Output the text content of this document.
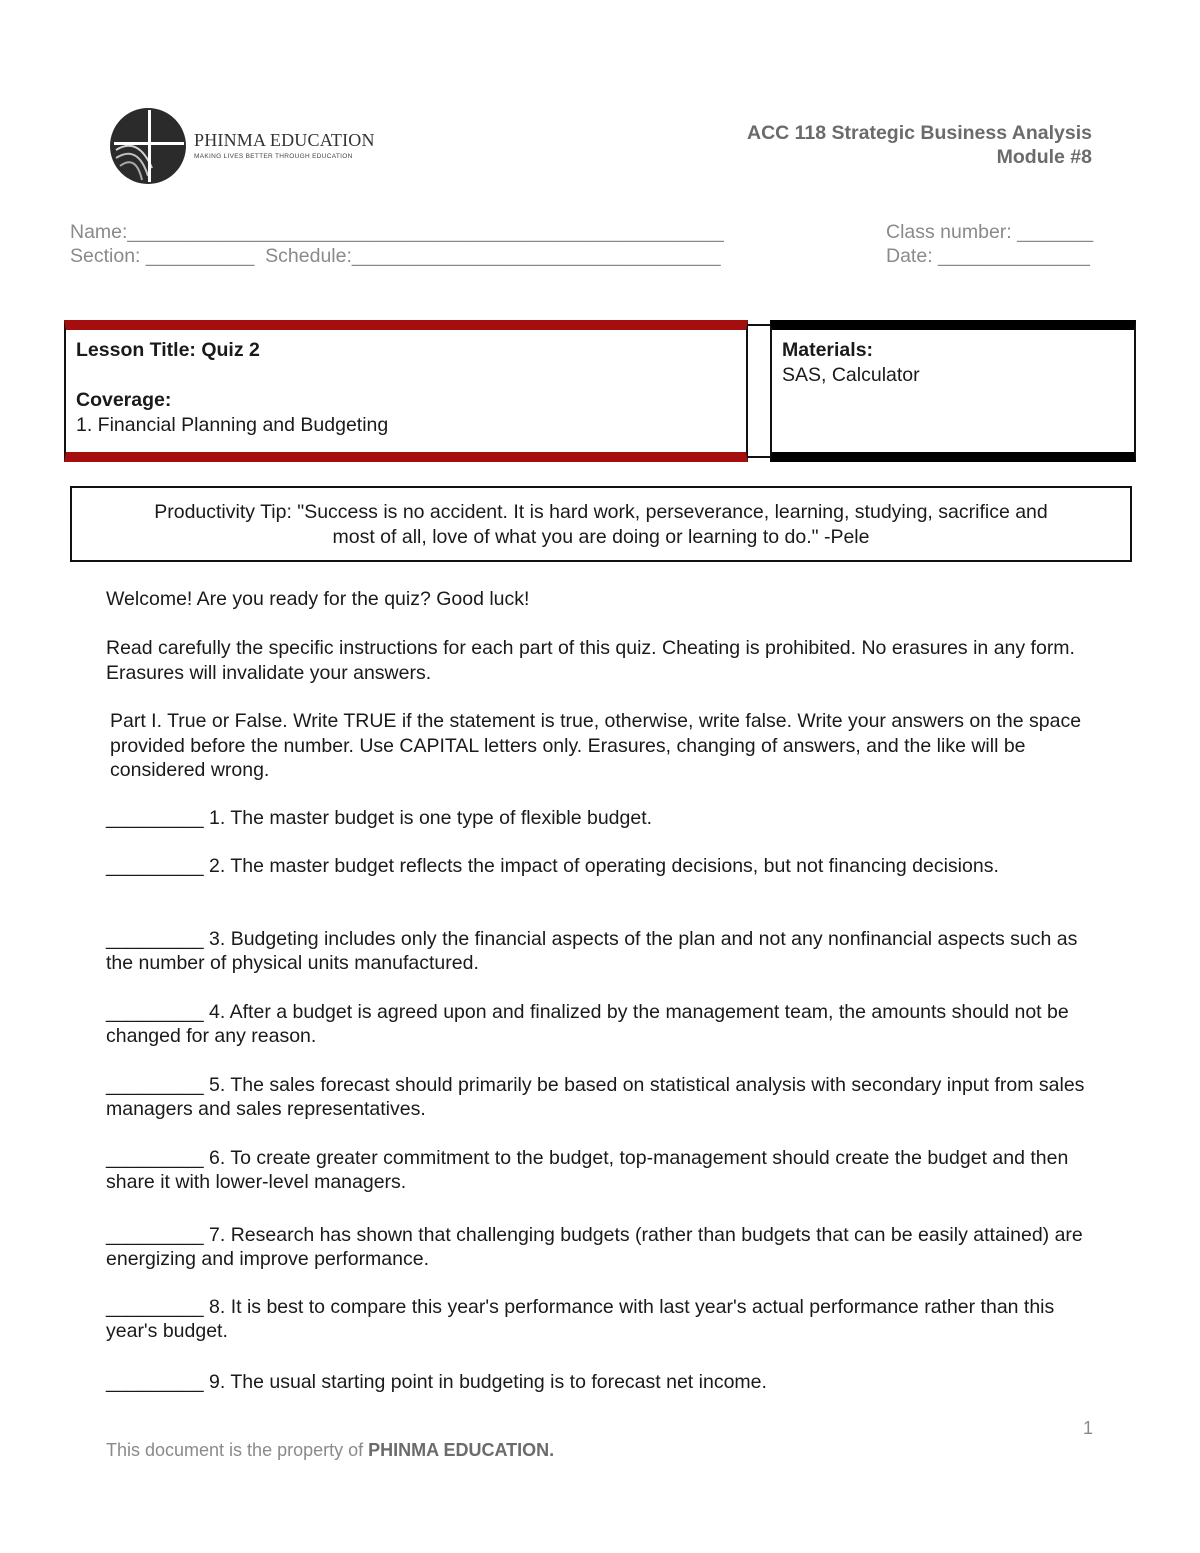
PHINMA EDUCATION
MAKING LIVES BETTER THROUGH EDUCATION
ACC 118 Strategic Business Analysis
Module #8
Name:_______________________________________________________
Section: __________  Schedule:__________________________________
Class number: _______
Date: ______________
Lesson Title: Quiz 2
Coverage:
1. Financial Planning and Budgeting
Materials:
SAS, Calculator
Productivity Tip: "Success is no accident. It is hard work, perseverance, learning, studying, sacrifice and
most of all, love of what you are doing or learning to do." -Pele
Welcome! Are you ready for the quiz? Good luck!
Read carefully the specific instructions for each part of this quiz. Cheating is prohibited. No erasures in any form. Erasures will invalidate your answers.
Part I. True or False. Write TRUE if the statement is true, otherwise, write false. Write your answers on the space provided before the number. Use CAPITAL letters only. Erasures, changing of answers, and the like will be considered wrong.
_________ 1. The master budget is one type of flexible budget.
_________ 2. The master budget reflects the impact of operating decisions, but not financing decisions.
_________ 3. Budgeting includes only the financial aspects of the plan and not any nonfinancial aspects such as the number of physical units manufactured.
_________ 4. After a budget is agreed upon and finalized by the management team, the amounts should not be changed for any reason.
_________ 5. The sales forecast should primarily be based on statistical analysis with secondary input from sales managers and sales representatives.
_________ 6. To create greater commitment to the budget, top-management should create the budget and then share it with lower-level managers.
_________ 7. Research has shown that challenging budgets (rather than budgets that can be easily attained) are energizing and improve performance.
_________ 8. It is best to compare this year's performance with last year's actual performance rather than this year's budget.
_________ 9. The usual starting point in budgeting is to forecast net income.
1
This document is the property of PHINMA EDUCATION.
